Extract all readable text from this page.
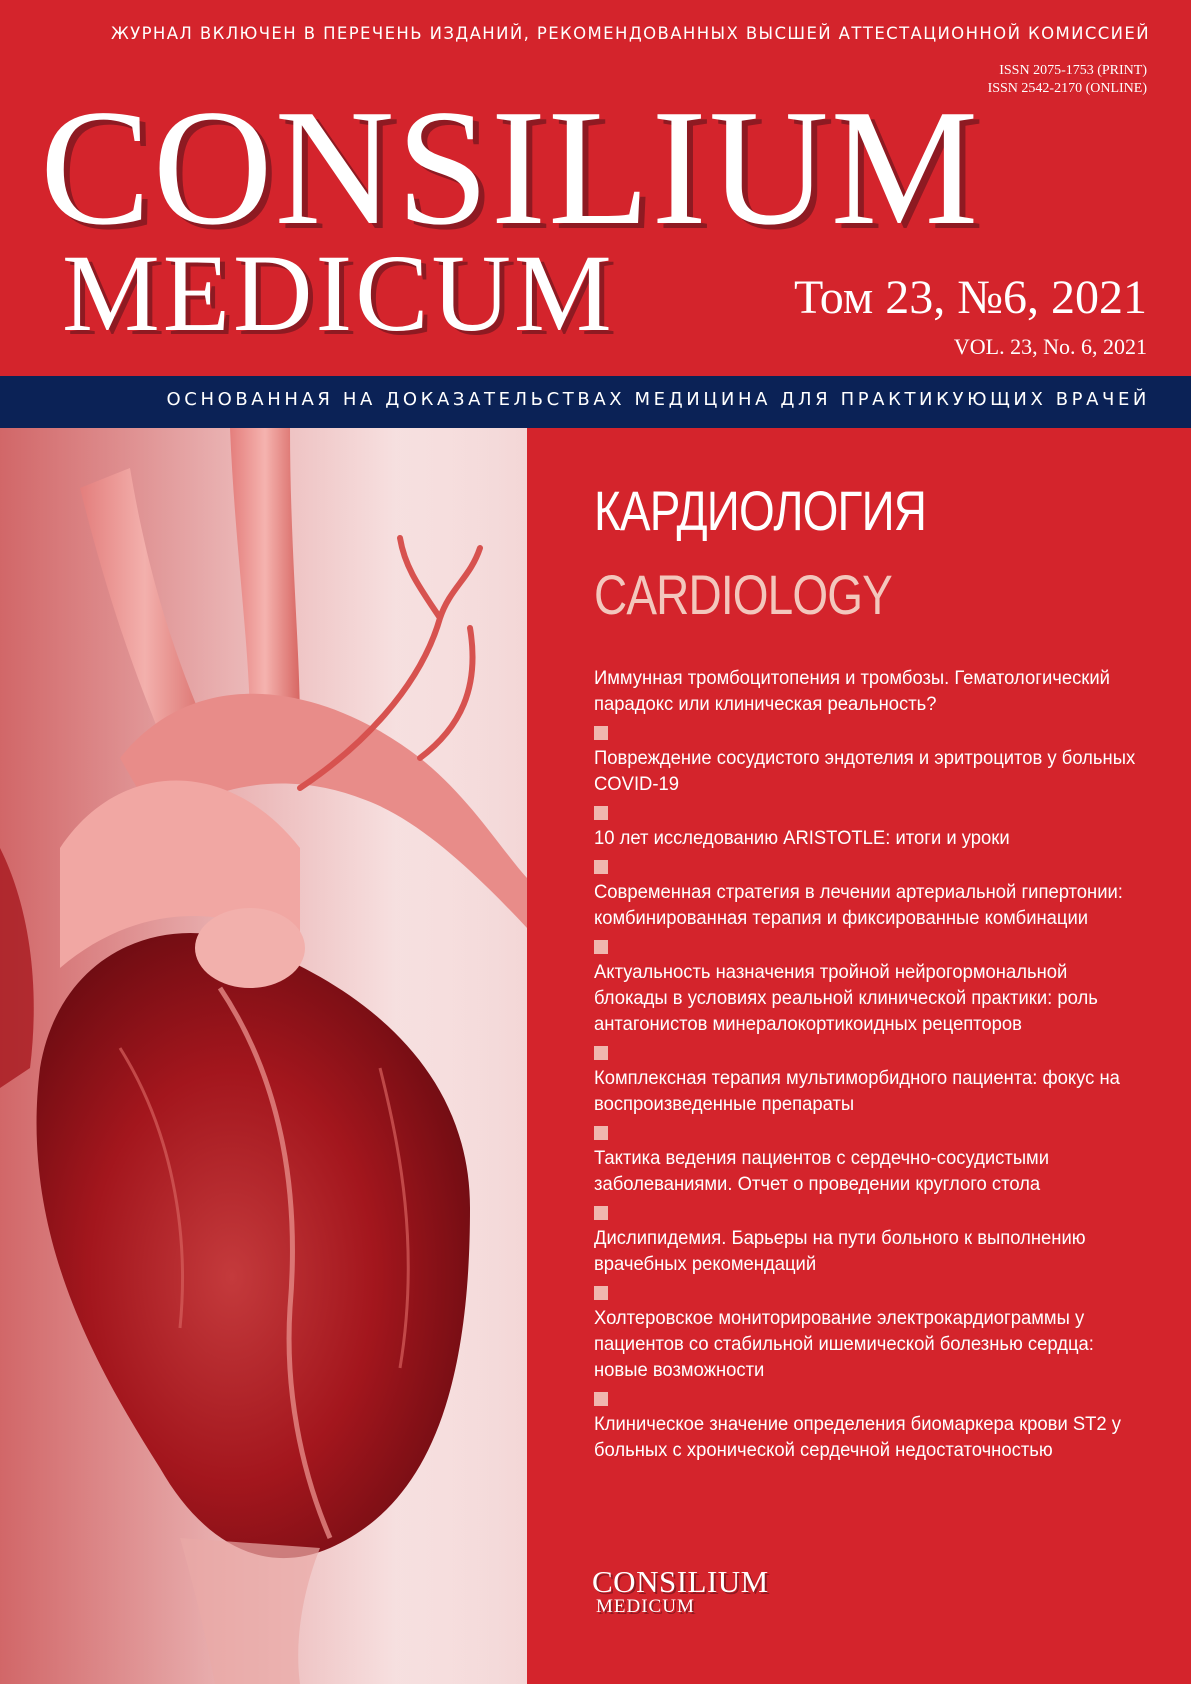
ЖУРНАЛ ВКЛЮЧЕН В ПЕРЕЧЕНЬ ИЗДАНИЙ, РЕКОМЕНДОВАННЫХ ВЫСШЕЙ АТТЕСТАЦИОННОЙ КОМИССИЕЙ
ISSN 2075-1753 (PRINT)
ISSN 2542-2170 (ONLINE)
CONSILIUM
MEDICUM	Том 23, №6, 2021
VOL. 23, No. 6, 2021
ОСНОВАННАЯ НА ДОКАЗАТЕЛЬСТВАХ МЕДИЦИНА ДЛЯ ПРАКТИКУЮЩИХ ВРАЧЕЙ
КАРДИОЛОГИЯ
CARDIOLOGY
Иммунная тромбоцитопения и тромбозы. Гематологический парадокс или клиническая реальность?
Повреждение сосудистого эндотелия и эритроцитов у больных COVID-19
10 лет исследованию ARISTOTLE: итоги и уроки
Современная стратегия в лечении артериальной гипертонии: комбинированная терапия и фиксированные комбинации
Актуальность назначения тройной нейрогормональной блокады в условиях реальной клинической практики: роль антагонистов минералокортикоидных рецепторов
Комплексная терапия мультиморбидного пациента: фокус на воспроизведенные препараты
Тактика ведения пациентов с сердечно-сосудистыми заболеваниями. Отчет о проведении круглого стола
Дислипидемия. Барьеры на пути больного к выполнению врачебных рекомендаций
Холтеровское мониторирование электрокардиограммы у пациентов со стабильной ишемической болезнью сердца: новые возможности
Клиническое значение определения биомаркера крови ST2 у больных с хронической сердечной недостаточностью
CONSILIUM
MEDICUM
